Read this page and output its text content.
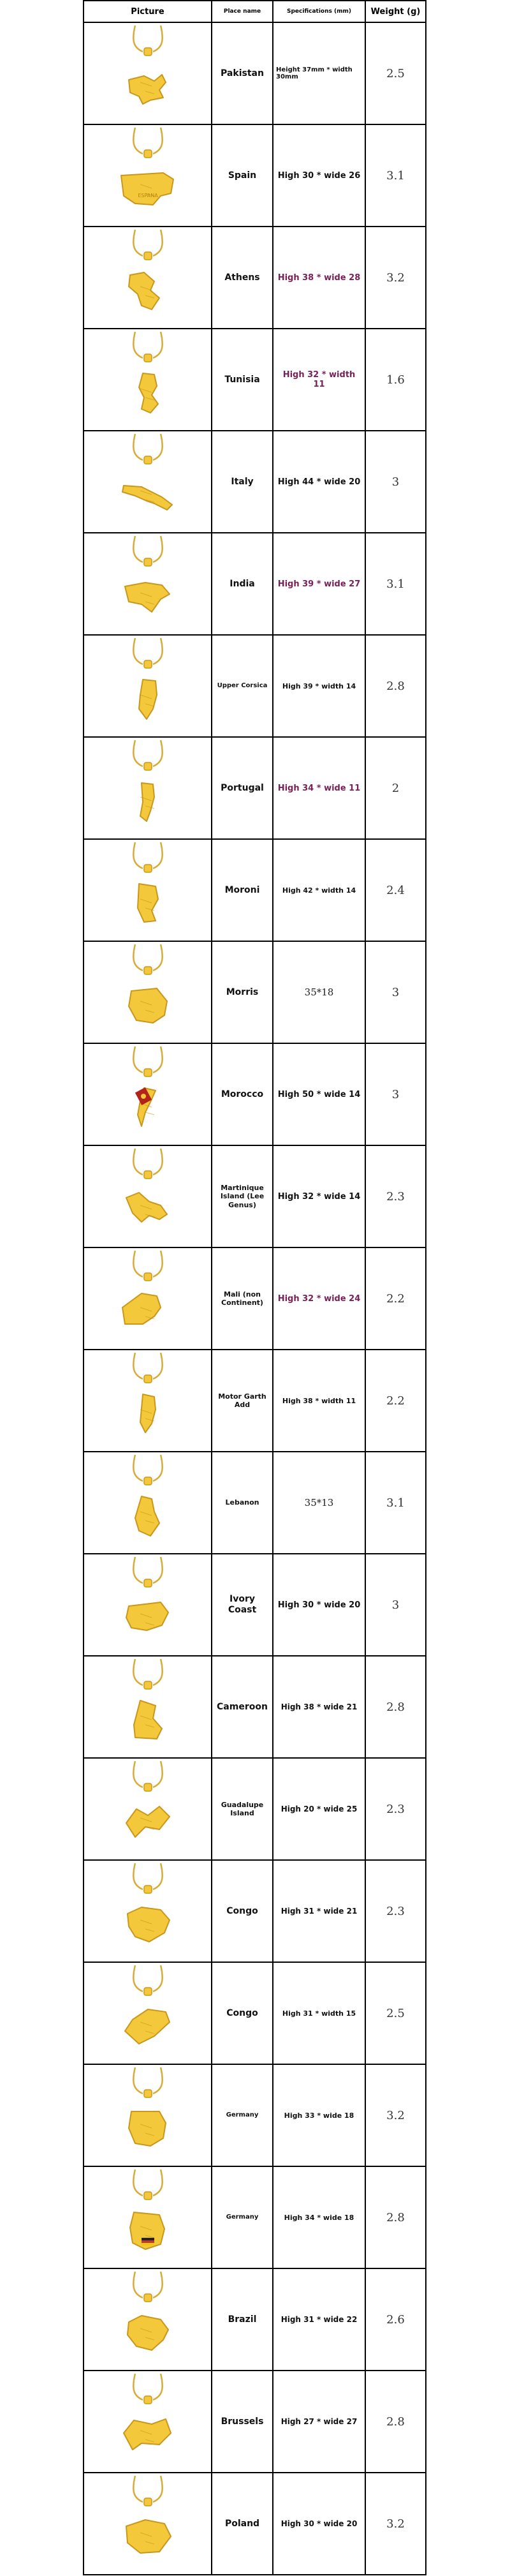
Picture	Place name	Specifications (mm)	Weight (g)

Pakistan	Height 37mm * width 30mm	2.5

ESPANA	Spain	High 30 * wide 26	3.1

Athens	High 38 * wide 28	3.2

Tunisia	High 32 * width 11	1.6

Italy	High 44 * wide 20	3

India	High 39 * wide 27	3.1

Upper Corsica	High 39 * width 14	2.8

Portugal	High 34 * wide 11	2

Moroni	High 42 * width 14	2.4

Morris	35*18	3

Morocco	High 50 * wide 14	3

Martinique Island (Lee Genus)	High 32 * wide 14	2.3

Mali (non Continent)	High 32 * wide 24	2.2

Motor Garth Add	High 38 * width 11	2.2

Lebanon	35*13	3.1

Ivory Coast	High 30 * wide 20	3

Cameroon	High 38 * wide 21	2.8

Guadalupe Island	High 20 * wide 25	2.3

Congo	High 31 * wide 21	2.3

Congo	High 31 * width 15	2.5

Germany	High 33 * wide 18	3.2

Germany	High 34 * wide 18	2.8

Brazil	High 31 * wide 22	2.6

Brussels	High 27 * wide 27	2.8

Poland	High 30 * wide 20	3.2
